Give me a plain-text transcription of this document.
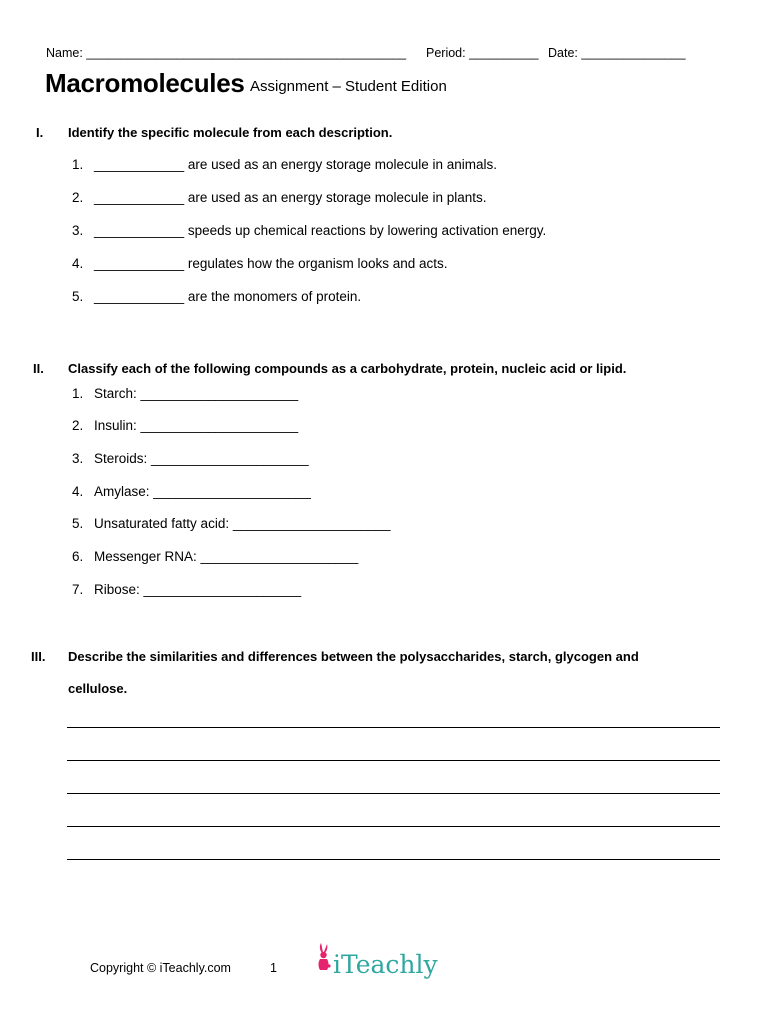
Name: ______________________________________________ Period: __________ Date: _______________
Macromolecules Assignment – Student Edition
I. Identify the specific molecule from each description.
1. ____________ are used as an energy storage molecule in animals.
2. ____________ are used as an energy storage molecule in plants.
3. ____________ speeds up chemical reactions by lowering activation energy.
4. ____________ regulates how the organism looks and acts.
5. ____________ are the monomers of protein.
II. Classify each of the following compounds as a carbohydrate, protein, nucleic acid or lipid.
1. Starch: _____________________
2. Insulin: _____________________
3. Steroids: _____________________
4. Amylase: _____________________
5. Unsaturated fatty acid: _____________________
6. Messenger RNA: _____________________
7. Ribose: _____________________
III. Describe the similarities and differences between the polysaccharides, starch, glycogen and
cellulose.
Copyright © iTeachly.com	1 iTeachly
